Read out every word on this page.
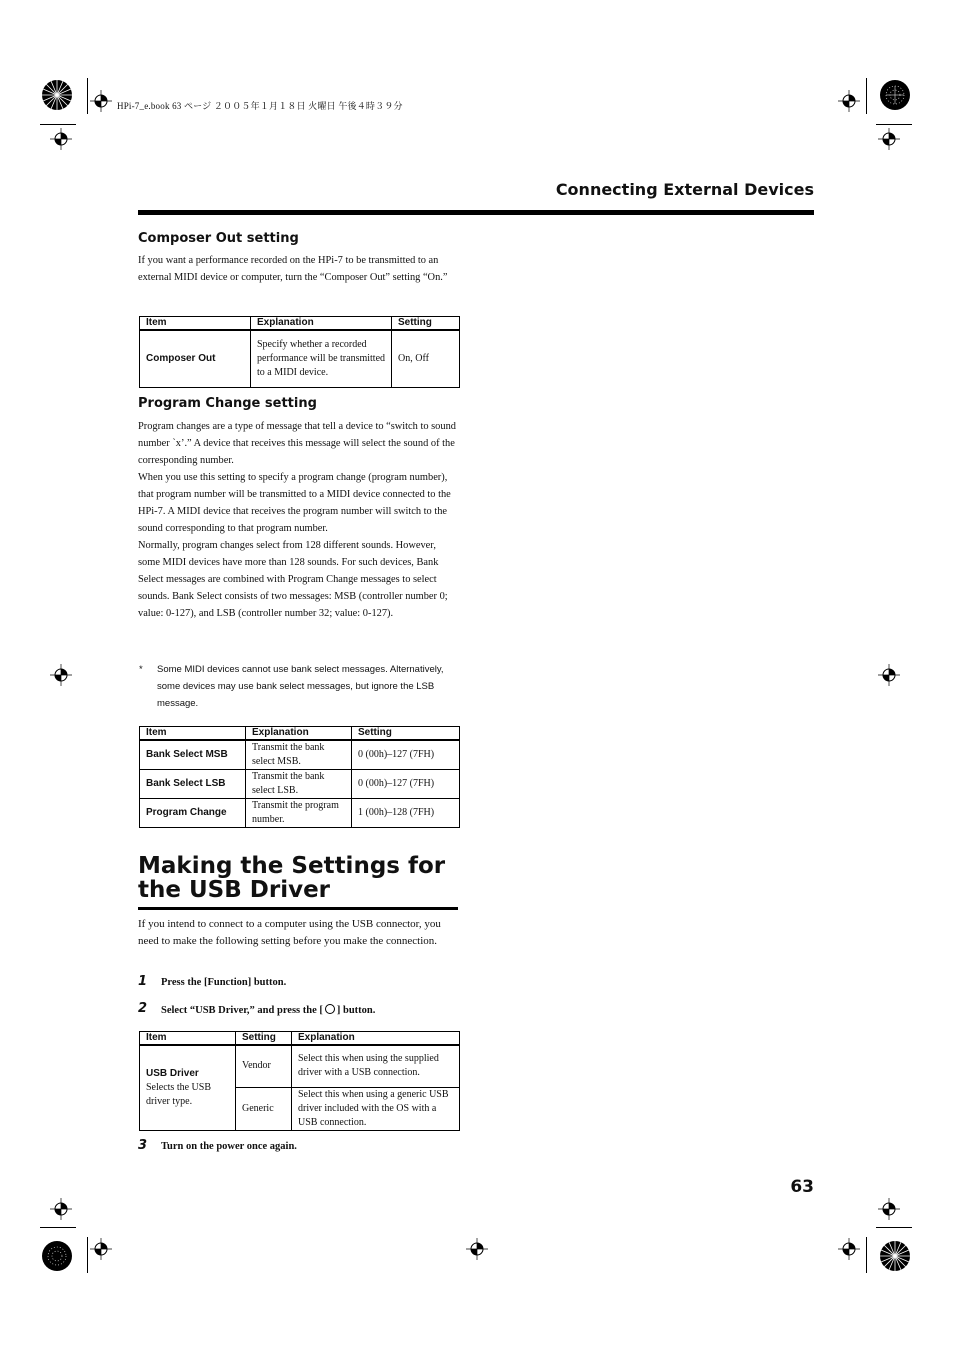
HPi-7_e.book 63 ページ ２００５年１月１８日 火曜日 午後４時３９分
Connecting External Devices
Composer Out setting

If you want a performance recorded on the HPi-7 to be transmitted to an external MIDI device or computer, turn the “Composer Out” setting “On.”

Item	Explanation	Setting
Composer Out	Specify whether a recorded performance will be transmitted to a MIDI device.	On, Off
Program Change setting

Program changes are a type of message that tell a device to “switch to sound number `x’.” A device that receives this message will select the sound of the corresponding number.

When you use this setting to specify a program change (program number), that program number will be transmitted to a MIDI device connected to the HPi-7. A MIDI device that receives the program number will switch to the sound corresponding to that program number.

Normally, program changes select from 128 different sounds. However, some MIDI devices have more than 128 sounds. For such devices, Bank Select messages are combined with Program Change messages to select sounds. Bank Select consists of two messages: MSB (controller number 0; value: 0-127), and LSB (controller number 32; value: 0-127).

* Some MIDI devices cannot use bank select messages. Alternatively, some devices may use bank select messages, but ignore the LSB message.
Item	Explanation	Setting
Bank Select MSB	Transmit the bank select MSB.	0 (00h)–127 (7FH)
Bank Select LSB	Transmit the bank select LSB.	0 (00h)–127 (7FH)
Program Change	Transmit the program number.	1 (00h)–128 (7FH)
Making the Settings for the USB Driver

If you intend to connect to a computer using the USB connector, you need to make the following setting before you make the connection.

1 Press the [Function] button.
2 Select “USB Driver,” and press the [ ] button.
Item	Setting	Explanation

USB Driver
Selects the USB driver type.	Vendor	Select this when using the supplied driver with a USB connection.
	Generic	Select this when using a generic USB driver included with the OS with a USB connection.
3 Turn on the power once again.
63
